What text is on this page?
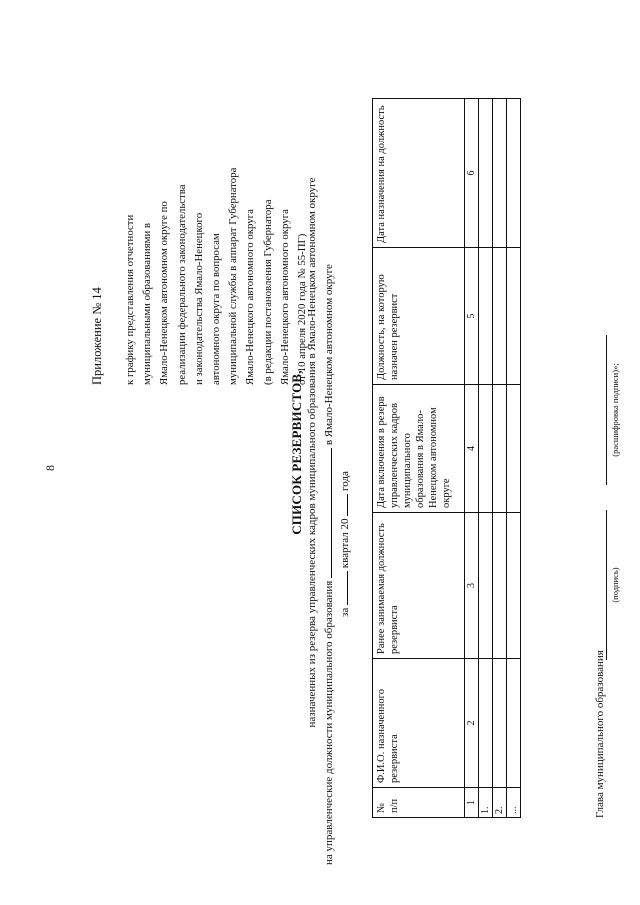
8
Приложение № 14 к графику представления отчетности муниципальными образованиями в Ямало-Ненецком автономном округе по реализации федерального законодательства и законодательства Ямало-Ненецкого автономного округа по вопросам муниципальной службы в аппарат Губернатора Ямало-Ненецкого автономного округа (в редакции постановления Губернатора Ямало-Ненецкого автономного округа от 10 апреля 2020 года № 55-ПГ)
СПИСОК РЕЗЕРВИСТОВ, назначенных из резерва управленческих кадров муниципального образования в Ямало-Ненецком автономном округе на управленческие должности муниципального образования  в Ямало-Ненецком автономном округе
за  квартал 20  года
№ п/п	Ф.И.О. назначенного резервиста	Ранее занимаемая должность резервиста	Дата включения в резерв управленческих кадров муниципального образования в Ямало-Ненецком автономном округе	Должность, на которую назначен резервист	Дата назначения на должность
1	2	3	4	5	6
1.					
2.					
...						Глава муниципального образования
(подпись)
(расшифровка подписи)»;
